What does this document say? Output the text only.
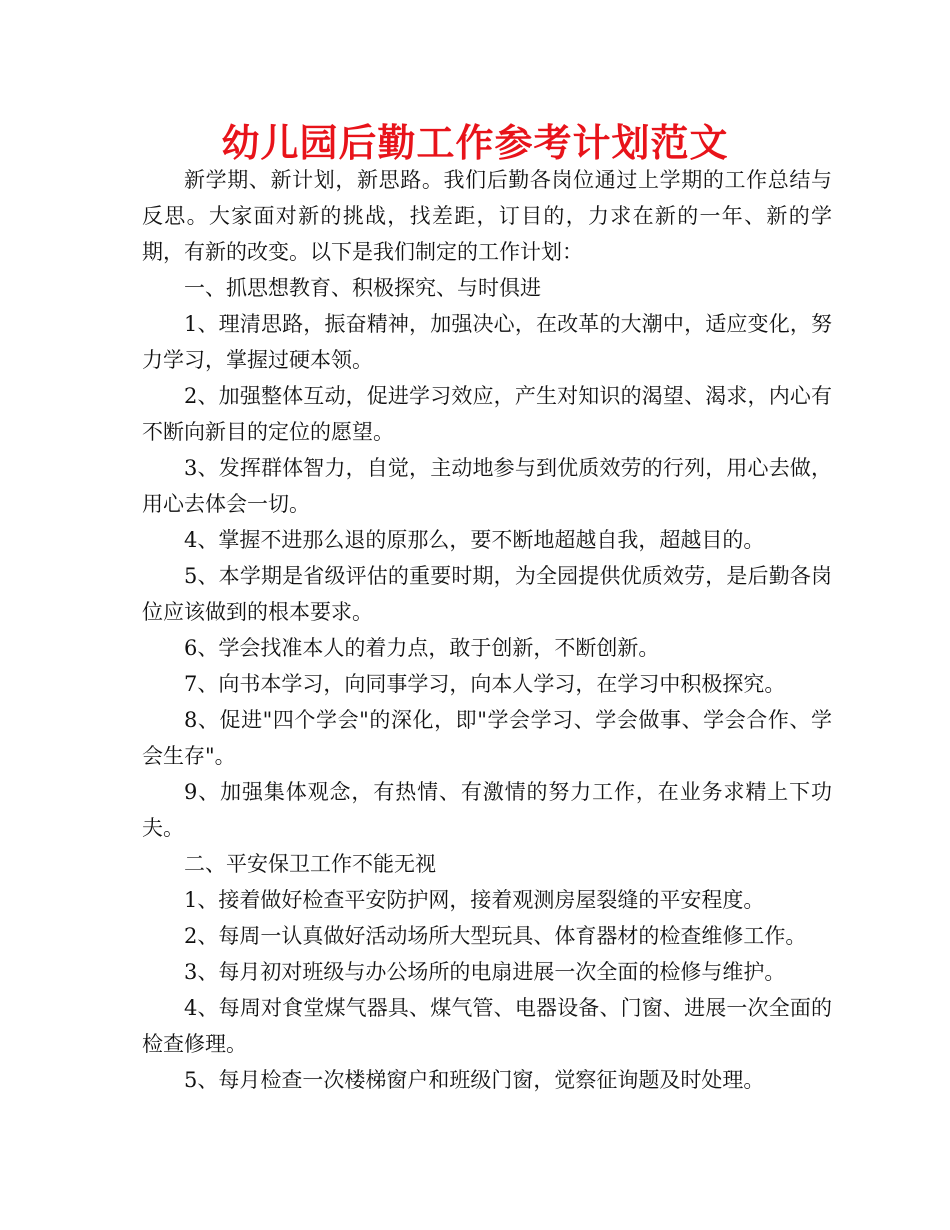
幼儿园后勤工作参考计划范文

新学期、新计划，新思路。我们后勤各岗位通过上学期的工作总结与反思。大家面对新的挑战，找差距，订目的，力求在新的一年、新的学期，有新的改变。以下是我们制定的工作计划：

一、抓思想教育、积极探究、与时俱进

1、理清思路，振奋精神，加强决心，在改革的大潮中，适应变化，努力学习，掌握过硬本领。

2、加强整体互动，促进学习效应，产生对知识的渴望、渴求，内心有不断向新目的定位的愿望。

3、发挥群体智力，自觉，主动地参与到优质效劳的行列，用心去做，用心去体会一切。

4、掌握不进那么退的原那么，要不断地超越自我，超越目的。

5、本学期是省级评估的重要时期，为全园提供优质效劳，是后勤各岗位应该做到的根本要求。

6、学会找准本人的着力点，敢于创新，不断创新。

7、向书本学习，向同事学习，向本人学习，在学习中积极探究。

8、促进"四个学会"的深化，即"学会学习、学会做事、学会合作、学会生存"。

9、加强集体观念，有热情、有激情的努力工作，在业务求精上下功夫。

二、平安保卫工作不能无视

1、接着做好检查平安防护网，接着观测房屋裂缝的平安程度。

2、每周一认真做好活动场所大型玩具、体育器材的检查维修工作。

3、每月初对班级与办公场所的电扇进展一次全面的检修与维护。

4、每周对食堂煤气器具、煤气管、电器设备、门窗、进展一次全面的检查修理。

5、每月检查一次楼梯窗户和班级门窗，觉察征询题及时处理。
